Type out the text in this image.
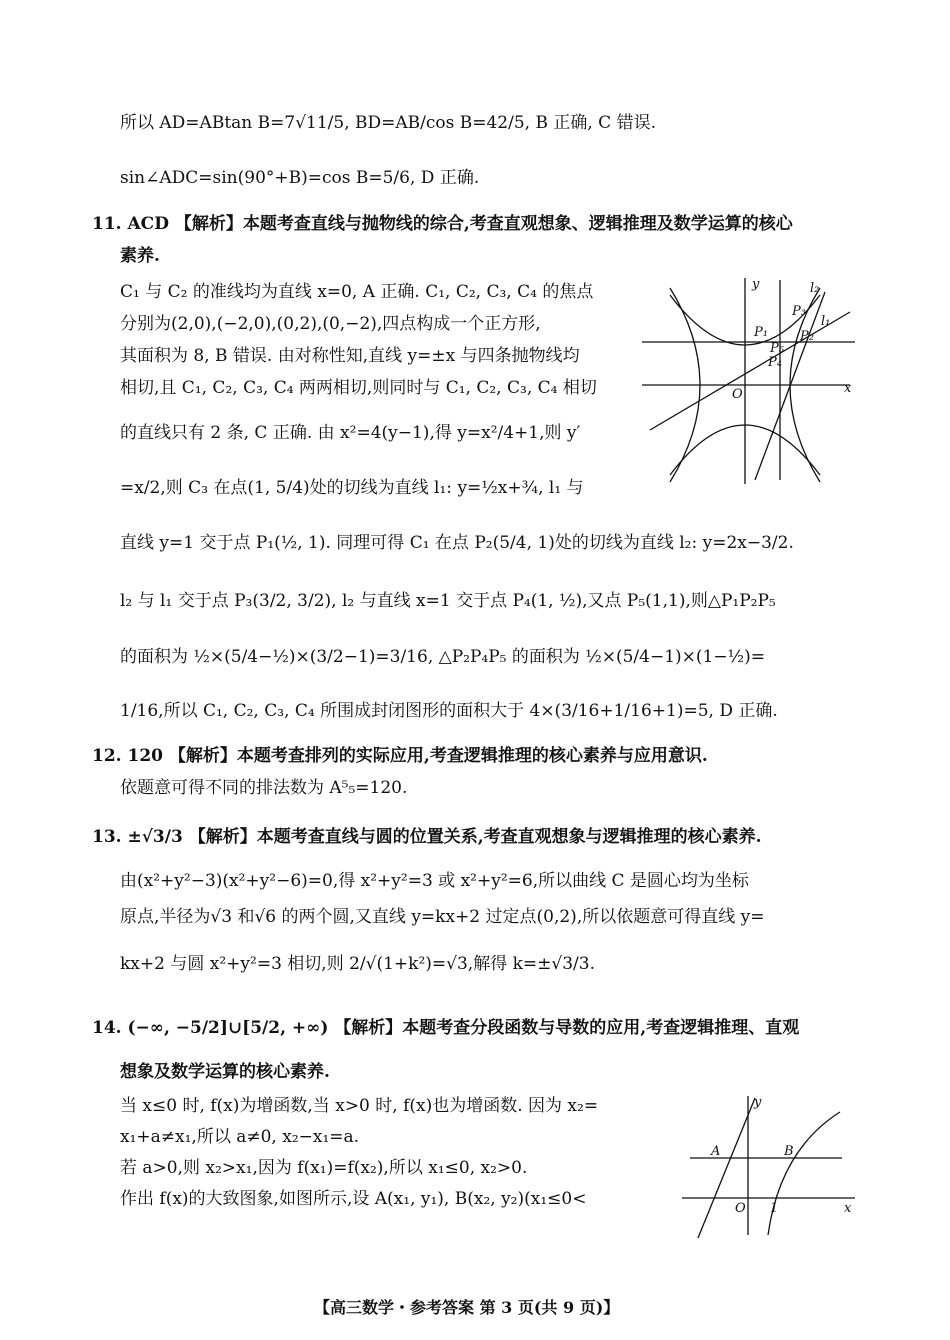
所以 AD=ABtan B=7√11/5, BD=AB/cos B=42/5, B 正确, C 错误.
sin∠ADC=sin(90°+B)=cos B=5/6, D 正确.
11. ACD 【解析】本题考查直线与抛物线的综合,考查直观想象、逻辑推理及数学运算的核心
素养.
C₁ 与 C₂ 的准线均为直线 x=0, A 正确. C₁, C₂, C₃, C₄ 的焦点
分别为(2,0),(−2,0),(0,2),(0,−2),四点构成一个正方形,
其面积为 8, B 错误. 由对称性知,直线 y=±x 与四条抛物线均
相切,且 C₁, C₂, C₃, C₄ 两两相切,则同时与 C₁, C₂, C₃, C₄ 相切
的直线只有 2 条, C 正确. 由 x²=4(y−1),得 y=x²/4+1,则 y′
=x/2,则 C₃ 在点(1, 5/4)处的切线为直线 l₁: y=½x+¾, l₁ 与
直线 y=1 交于点 P₁(½, 1). 同理可得 C₁ 在点 P₂(5/4, 1)处的切线为直线 l₂: y=2x−3/2.
l₂ 与 l₁ 交于点 P₃(3/2, 3/2), l₂ 与直线 x=1 交于点 P₄(1, ½),又点 P₅(1,1),则△P₁P₂P₅
的面积为 ½×(5/4−½)×(3/2−1)=3/16, △P₂P₄P₅ 的面积为 ½×(5/4−1)×(1−½)=
1/16,所以 C₁, C₂, C₃, C₄ 所围成封闭图形的面积大于 4×(3/16+1/16+1)=5, D 正确.
12. 120 【解析】本题考查排列的实际应用,考查逻辑推理的核心素养与应用意识.
依题意可得不同的排法数为 A⁵₅=120.
13. ±√3/3 【解析】本题考查直线与圆的位置关系,考查直观想象与逻辑推理的核心素养.
由(x²+y²−3)(x²+y²−6)=0,得 x²+y²=3 或 x²+y²=6,所以曲线 C 是圆心均为坐标
原点,半径为√3 和√6 的两个圆,又直线 y=kx+2 过定点(0,2),所以依题意可得直线 y=
kx+2 与圆 x²+y²=3 相切,则 2/√(1+k²)=√3,解得 k=±√3/3.
14. (−∞, −5/2]∪[5/2, +∞) 【解析】本题考查分段函数与导数的应用,考查逻辑推理、直观
想象及数学运算的核心素养.
当 x≤0 时, f(x)为增函数,当 x>0 时, f(x)也为增函数. 因为 x₂=
x₁+a≠x₁,所以 a≠0, x₂−x₁=a.
若 a>0,则 x₂>x₁,因为 f(x₁)=f(x₂),所以 x₁≤0, x₂>0.
作出 f(x)的大致图象,如图所示,设 A(x₁, y₁), B(x₂, y₂)(x₁≤0<
y
x
O
l₂
l₁
P₁
P₃
P₂
P₅
P₄
y
x
O 1
A	B
【高三数学・参考答案 第 3 页(共 9 页)】
